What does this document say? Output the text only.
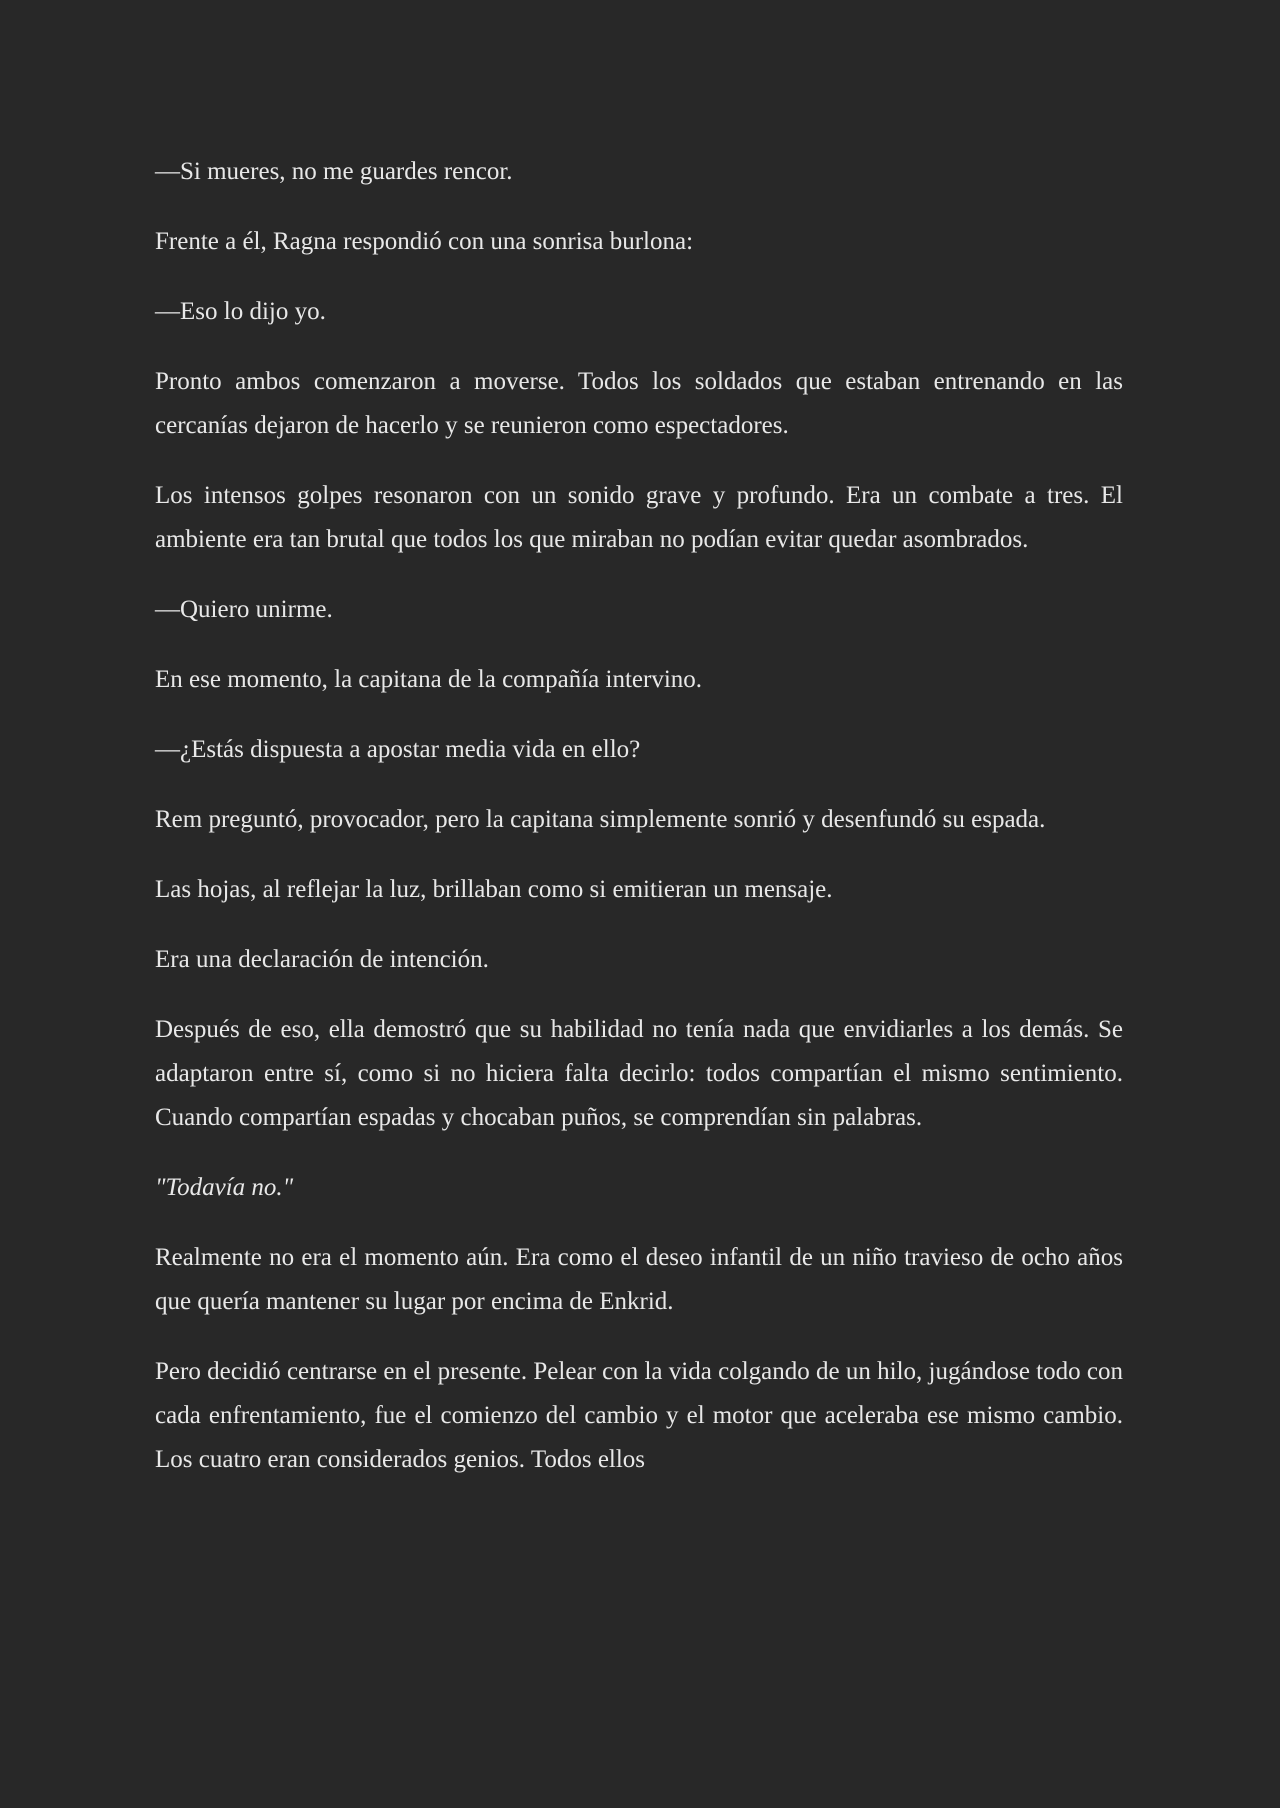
—Si mueres, no me guardes rencor.

Frente a él, Ragna respondió con una sonrisa burlona:

—Eso lo dijo yo.

Pronto ambos comenzaron a moverse. Todos los soldados que estaban entrenando en las cercanías dejaron de hacerlo y se reunieron como espectadores.

Los intensos golpes resonaron con un sonido grave y profundo. Era un combate a tres. El ambiente era tan brutal que todos los que miraban no podían evitar quedar asombrados.

—Quiero unirme.

En ese momento, la capitana de la compañía intervino.

—¿Estás dispuesta a apostar media vida en ello?

Rem preguntó, provocador, pero la capitana simplemente sonrió y desenfundó su espada.

Las hojas, al reflejar la luz, brillaban como si emitieran un mensaje.

Era una declaración de intención.

Después de eso, ella demostró que su habilidad no tenía nada que envidiarles a los demás. Se adaptaron entre sí, como si no hiciera falta decirlo: todos compartían el mismo sentimiento. Cuando compartían espadas y chocaban puños, se comprendían sin palabras.

"Todavía no."

Realmente no era el momento aún. Era como el deseo infantil de un niño travieso de ocho años que quería mantener su lugar por encima de Enkrid.

Pero decidió centrarse en el presente. Pelear con la vida colgando de un hilo, jugándose todo con cada enfrentamiento, fue el comienzo del cambio y el motor que aceleraba ese mismo cambio. Los cuatro eran considerados genios. Todos ellos
